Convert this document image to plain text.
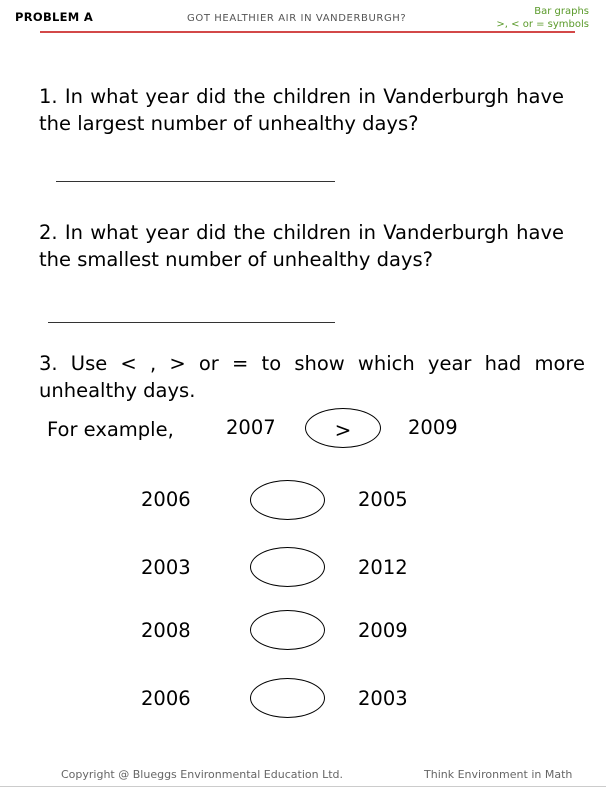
PROBLEM A	GOT HEALTHIER AIR IN VANDERBURGH?
Bar graphs
>, < or = symbols
1. In what year did the children in Vanderburgh have the largest number of unhealthy days?
2. In what year did the children in Vanderburgh have the smallest number of unhealthy days?
3. Use < , > or = to show which year had more unhealthy days.
For example,	2007	>	2009
2006	2005
2003	2012
2008	2009
2006	2003
Copyright @ Blueggs Environmental Education Ltd.	Think Environment in Math
